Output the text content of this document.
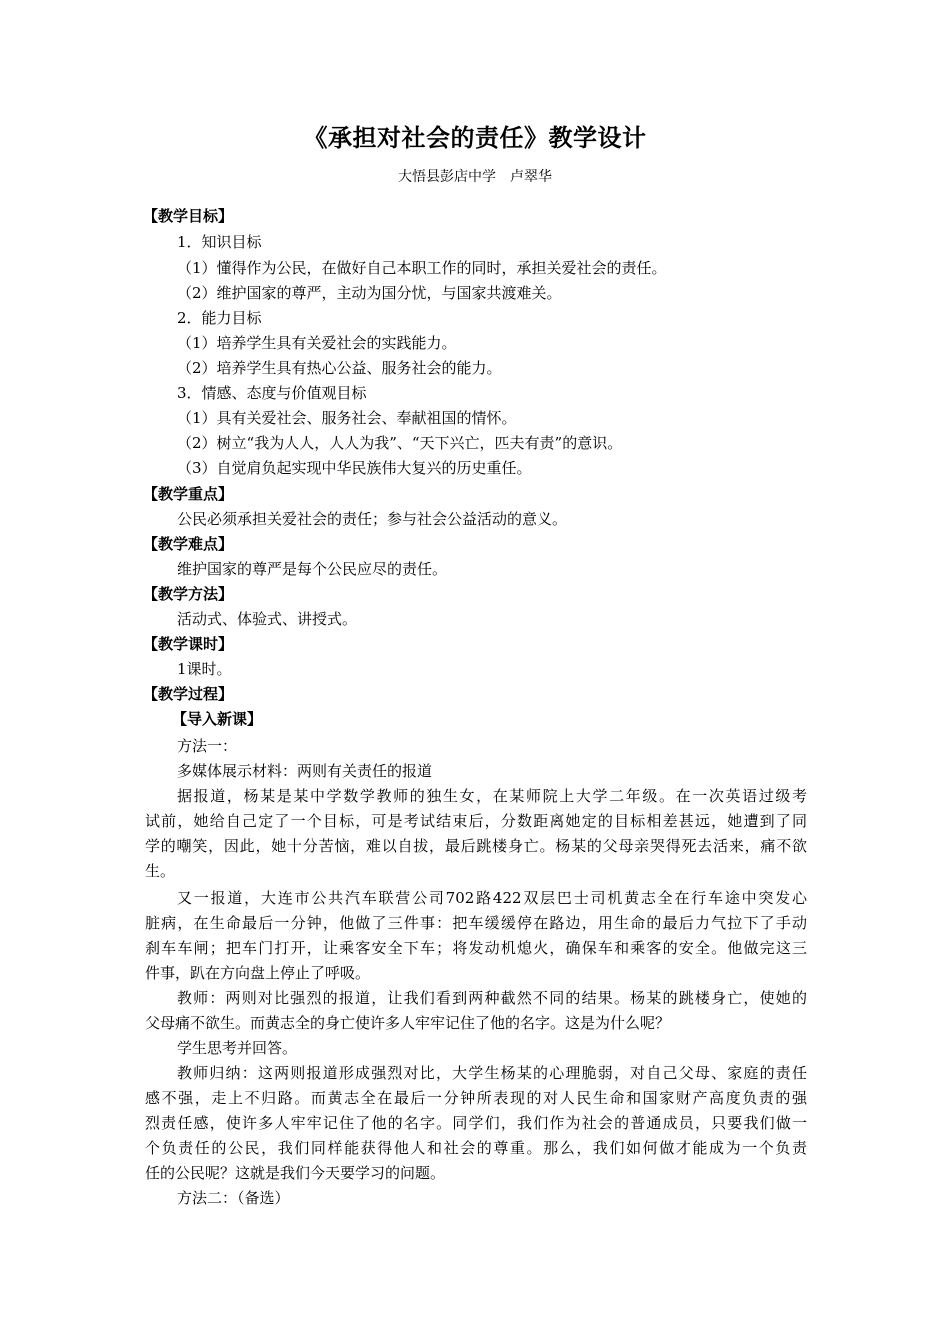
《承担对社会的责任》教学设计
大悟县彭店中学　卢翠华
【教学目标】
1．知识目标
（1）懂得作为公民，在做好自己本职工作的同时，承担关爱社会的责任。
（2）维护国家的尊严，主动为国分忧，与国家共渡难关。
2．能力目标
（1）培养学生具有关爱社会的实践能力。
（2）培养学生具有热心公益、服务社会的能力。
3．情感、态度与价值观目标
（1）具有关爱社会、服务社会、奉献祖国的情怀。
（2）树立“我为人人，人人为我”、“天下兴亡，匹夫有责”的意识。
（3）自觉肩负起实现中华民族伟大复兴的历史重任。
【教学重点】
公民必须承担关爱社会的责任；参与社会公益活动的意义。
【教学难点】
维护国家的尊严是每个公民应尽的责任。
【教学方法】
活动式、体验式、讲授式。
【教学课时】
1课时。
【教学过程】
【导入新课】
方法一：
多媒体展示材料：两则有关责任的报道
据报道，杨某是某中学数学教师的独生女，在某师院上大学二年级。在一次英语过级考
试前，她给自己定了一个目标，可是考试结束后，分数距离她定的目标相差甚远，她遭到了同
学的嘲笑，因此，她十分苦恼，难以自拔，最后跳楼身亡。杨某的父母亲哭得死去活来，痛不欲
生。
又一报道，大连市公共汽车联营公司702路422双层巴士司机黄志全在行车途中突发心
脏病，在生命最后一分钟，他做了三件事：把车缓缓停在路边，用生命的最后力气拉下了手动
刹车车闸；把车门打开，让乘客安全下车；将发动机熄火，确保车和乘客的安全。他做完这三
件事，趴在方向盘上停止了呼吸。
教师：两则对比强烈的报道，让我们看到两种截然不同的结果。杨某的跳楼身亡，使她的
父母痛不欲生。而黄志全的身亡使许多人牢牢记住了他的名字。这是为什么呢？
学生思考并回答。
教师归纳：这两则报道形成强烈对比，大学生杨某的心理脆弱，对自己父母、家庭的责任
感不强，走上不归路。而黄志全在最后一分钟所表现的对人民生命和国家财产高度负责的强
烈责任感，使许多人牢牢记住了他的名字。同学们，我们作为社会的普通成员，只要我们做一
个负责任的公民，我们同样能获得他人和社会的尊重。那么，我们如何做才能成为一个负责
任的公民呢？这就是我们今天要学习的问题。
方法二：（备选）
